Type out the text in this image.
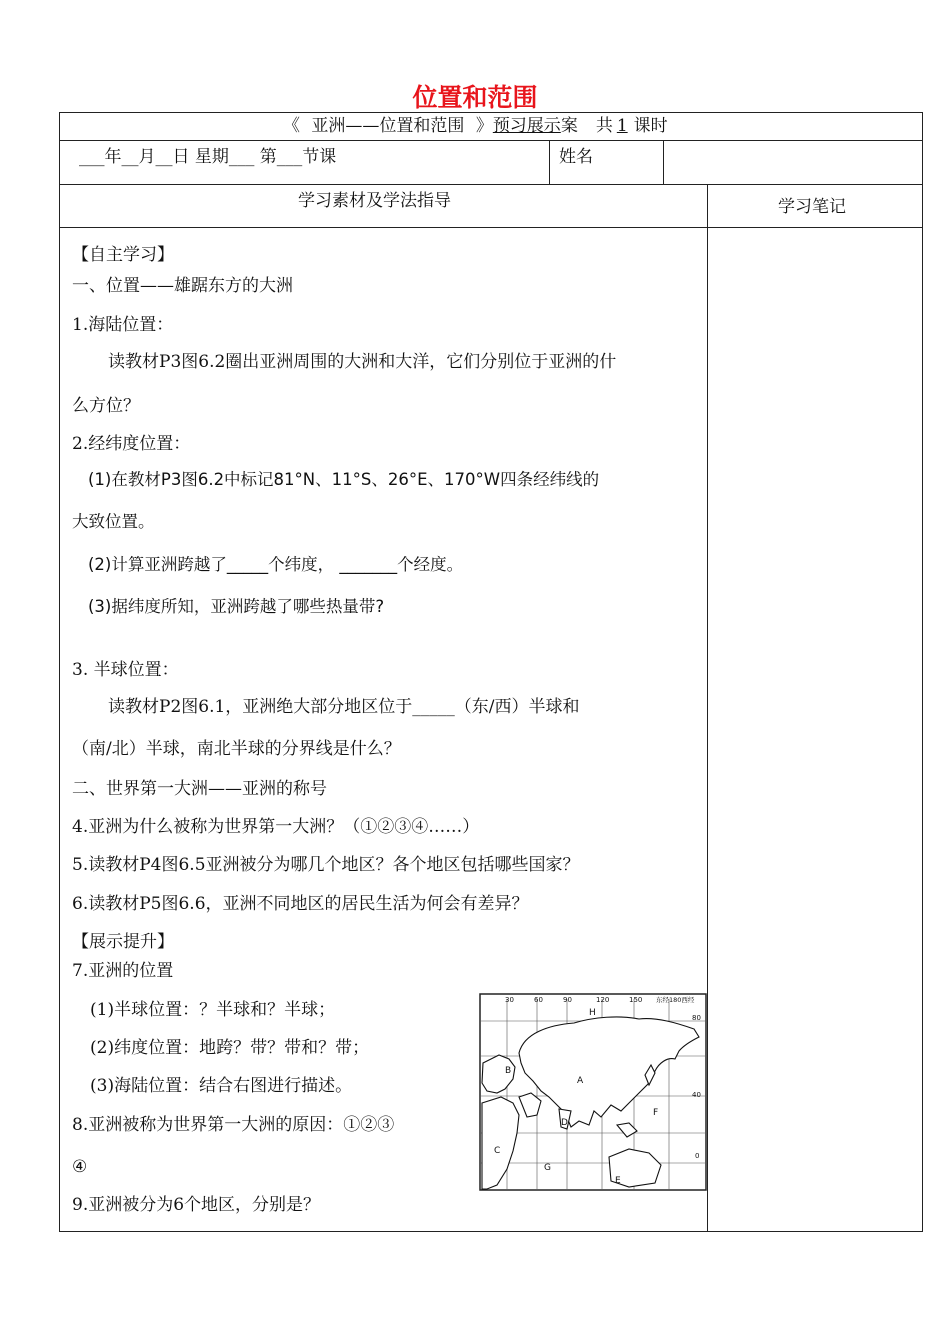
位置和范围
《 亚洲——位置和范围 》预习展示案 共 1 课时
___年__月__日 星期___ 第___节课	姓名
学习素材及学法指导	学习笔记
【自主学习】
一、位置——雄踞东方的大洲
1.海陆位置：
读教材P3图6.2圈出亚洲周围的大洲和大洋，它们分别位于亚洲的什
么方位？
2.经纬度位置：
(1)在教材P3图6.2中标记81°N、11°S、26°E、170°W四条经纬线的
大致位置。
(2)计算亚洲跨越了_____个纬度， _______个经度。
(3)据纬度所知，亚洲跨越了哪些热量带?
3. 半球位置：
读教材P2图6.1，亚洲绝大部分地区位于_____（东/西）半球和
（南/北）半球，南北半球的分界线是什么？
二、世界第一大洲——亚洲的称号
4.亚洲为什么被称为世界第一大洲？（①②③④……）
5.读教材P4图6.5亚洲被分为哪几个地区？各个地区包括哪些国家？
6.读教材P5图6.6，亚洲不同地区的居民生活为何会有差异？
【展示提升】
7.亚洲的位置
(1)半球位置：？半球和？半球；
(2)纬度位置：地跨？带？带和？带；
(3)海陆位置：结合右图进行描述。
8.亚洲被称为世界第一大洲的原因：①②③
④
9.亚洲被分为6个地区，分别是？
30	60	90	120	150 东经180西经
80
40
0
H
A
B
C
D
E
F
G
